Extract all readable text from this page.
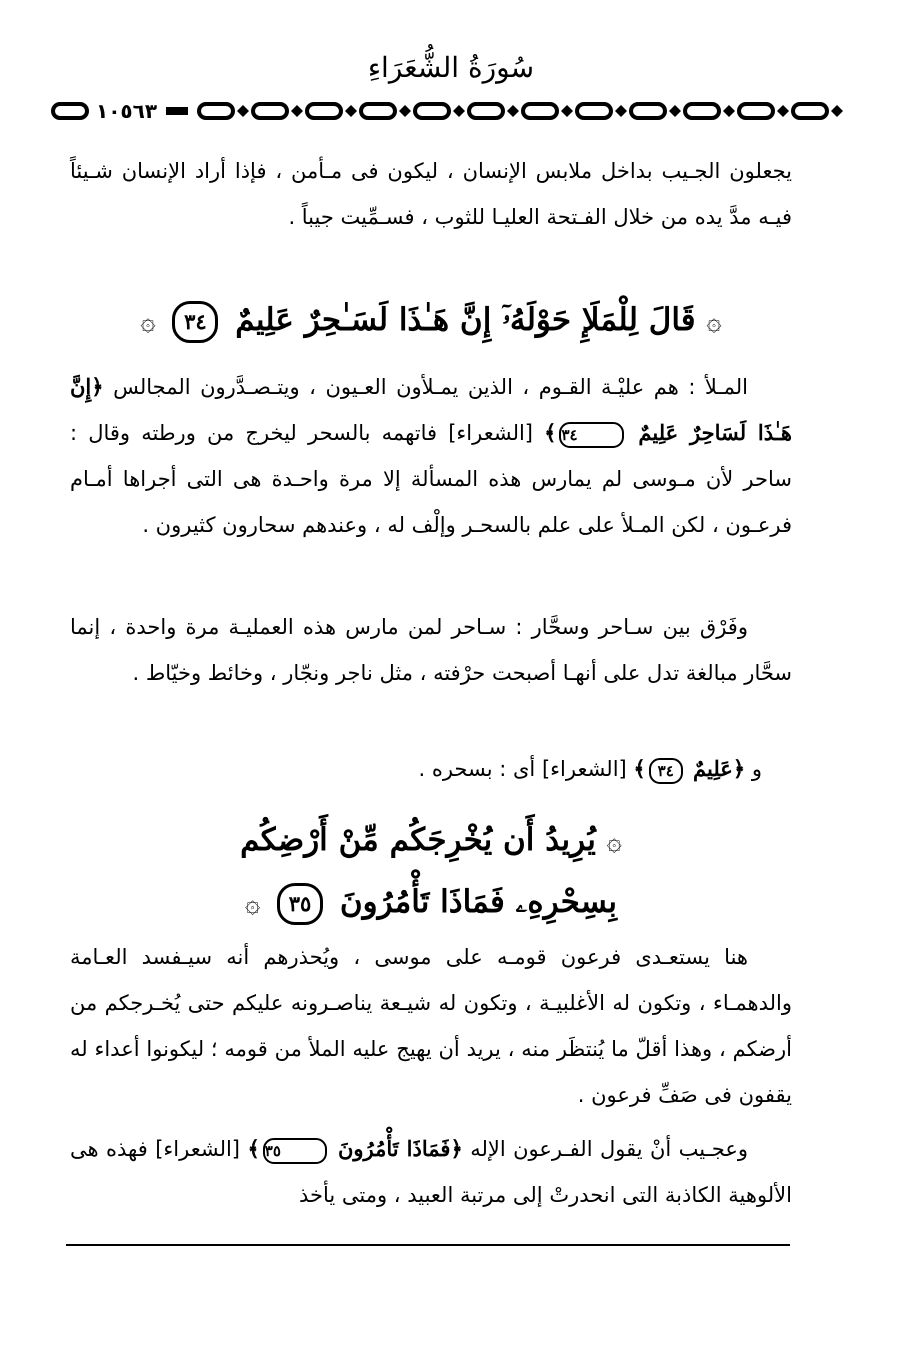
سُورَةُ الشُّعَرَاءِ
١٠٥٦٣
يجعلون الجـيب بداخل ملابس الإنسان ، ليكون فى مـأمن ، فإذا أراد الإنسان شـيئاً فيـه مدَّ يده من خلال الفـتحة العليـا للثوب ، فسـمِّيت جيباً .
۞ قَالَ لِلْمَلَإِ حَوْلَهُۥٓ إِنَّ هَـٰذَا لَسَـٰحِرٌ عَلِيمٌ ٣٤ ۞
المـلأ : هم عليْـة القـوم ، الذين يمـلأون العـيون ، ويتـصـدَّرون المجالس ﴿إِنَّ هَـٰذَا لَسَاحِرٌ عَلِيمٌ ٣٤﴾ [الشعراء] فاتهمه بالسحر ليخرج من ورطته وقال : ساحر لأن مـوسى لم يمارس هذه المسألة إلا مرة واحـدة هى التى أجراها أمـام فرعـون ، لكن المـلأ على علم بالسحـر وإلْف له ، وعندهم سحارون كثيرون .
وفَرْق بين سـاحر وسحَّار : سـاحر لمن مارس هذه العمليـة مرة واحدة ، إنما سحَّار مبالغة تدل على أنهـا أصبحت حرْفته ، مثل ناجر ونجّار ، وخائط وخيّاط .
و ﴿عَلِيمٌ ٣٤﴾ [الشعراء] أى : بسحره .
۞ يُرِيدُ أَن يُخْرِجَكُم مِّنْ أَرْضِكُم
بِسِحْرِهِۦ فَمَاذَا تَأْمُرُونَ ٣٥ ۞
هنا يستعـدى فرعون قومـه على موسى ، ويُحذرهم أنه سيـفسد العـامة والدهمـاء ، وتكون له الأغلبيـة ، وتكون له شيـعة يناصـرونه عليكم حتى يُخـرجكم من أرضكم ، وهذا أقلّ ما يُنتظَر منه ، يريد أن يهيج عليه الملأ من قومه ؛ ليكونوا أعداء له يقفون فى صَفِّ فرعون .
وعجـيب أنْ يقول الفـرعون الإله ﴿فَمَاذَا تَأْمُرُونَ ٣٥﴾ [الشعراء] فهذه هى الألوهية الكاذبة التى انحدرتْ إلى مرتبة العبيد ، ومتى يأخذ
